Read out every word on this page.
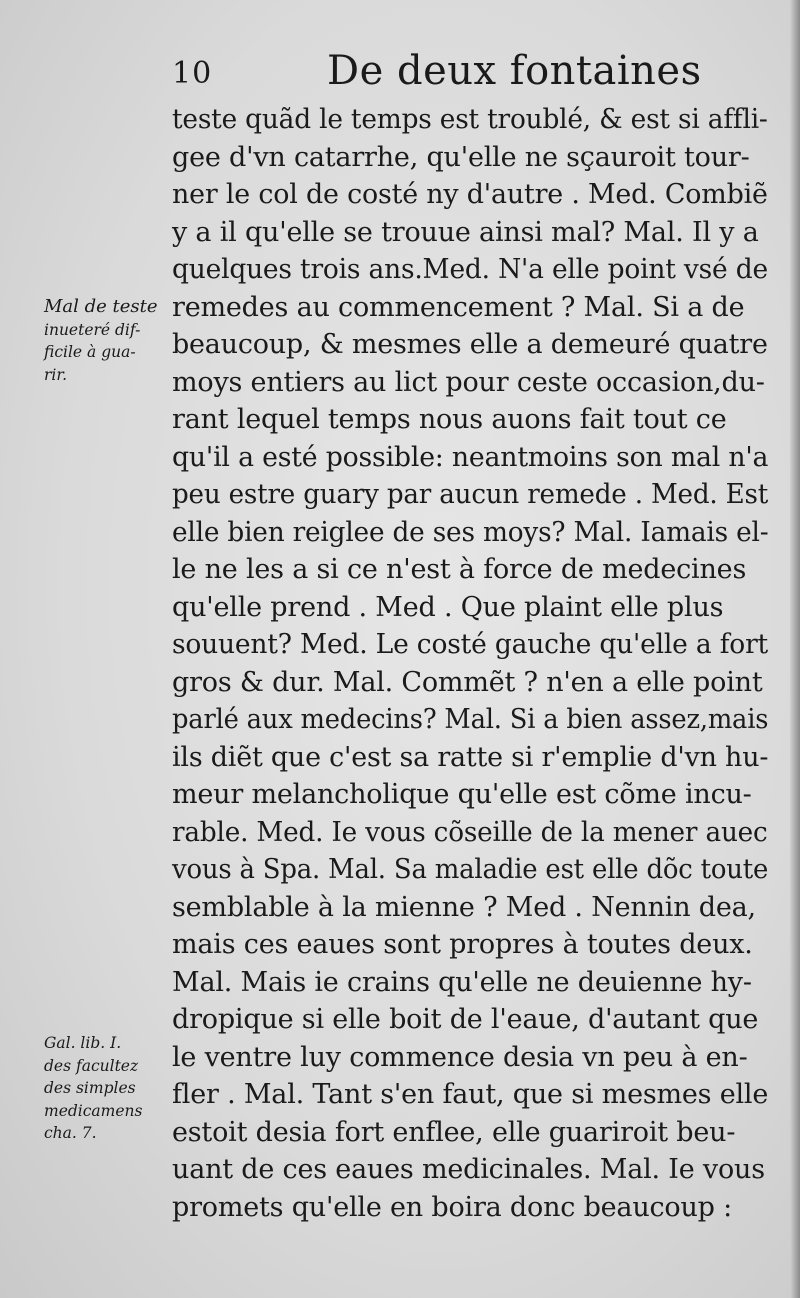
10	De deux fontaines
Mal de teste
inueteré dif-
ficile à gua-
rir.
Gal. lib. I.
des facultez
des simples
medicamens
cha. 7.
teste quãd le temps est troublé, & est si affli-
gee d'vn catarrhe, qu'elle ne sçauroit tour-
ner le col de costé ny d'autre . Med. Combiẽ
y a il qu'elle se trouue ainsi mal? Mal. Il y a
quelques trois ans.Med. N'a elle point vsé de
remedes au commencement ? Mal. Si a de
beaucoup, & mesmes elle a demeuré quatre
moys entiers au lict pour ceste occasion,du-
rant lequel temps nous auons fait tout ce
qu'il a esté possible: neantmoins son mal n'a
peu estre guary par aucun remede . Med. Est
elle bien reiglee de ses moys? Mal. Iamais el-
le ne les a si ce n'est à force de medecines
qu'elle prend . Med . Que plaint elle plus
souuent? Med. Le costé gauche qu'elle a fort
gros & dur. Mal. Commẽt ? n'en a elle point
parlé aux medecins? Mal. Si a bien assez,mais
ils diẽt que c'est sa ratte si r'emplie d'vn hu-
meur melancholique qu'elle est cõme incu-
rable. Med. Ie vous cõseille de la mener auec
vous à Spa. Mal. Sa maladie est elle dõc toute
semblable à la mienne ? Med . Nennin dea,
mais ces eaues sont propres à toutes deux.
Mal. Mais ie crains qu'elle ne deuienne hy-
dropique si elle boit de l'eaue, d'autant que
le ventre luy commence desia vn peu à en-
fler . Mal. Tant s'en faut, que si mesmes elle
estoit desia fort enflee, elle guariroit beu-
uant de ces eaues medicinales. Mal. Ie vous
promets qu'elle en boira donc beaucoup :
